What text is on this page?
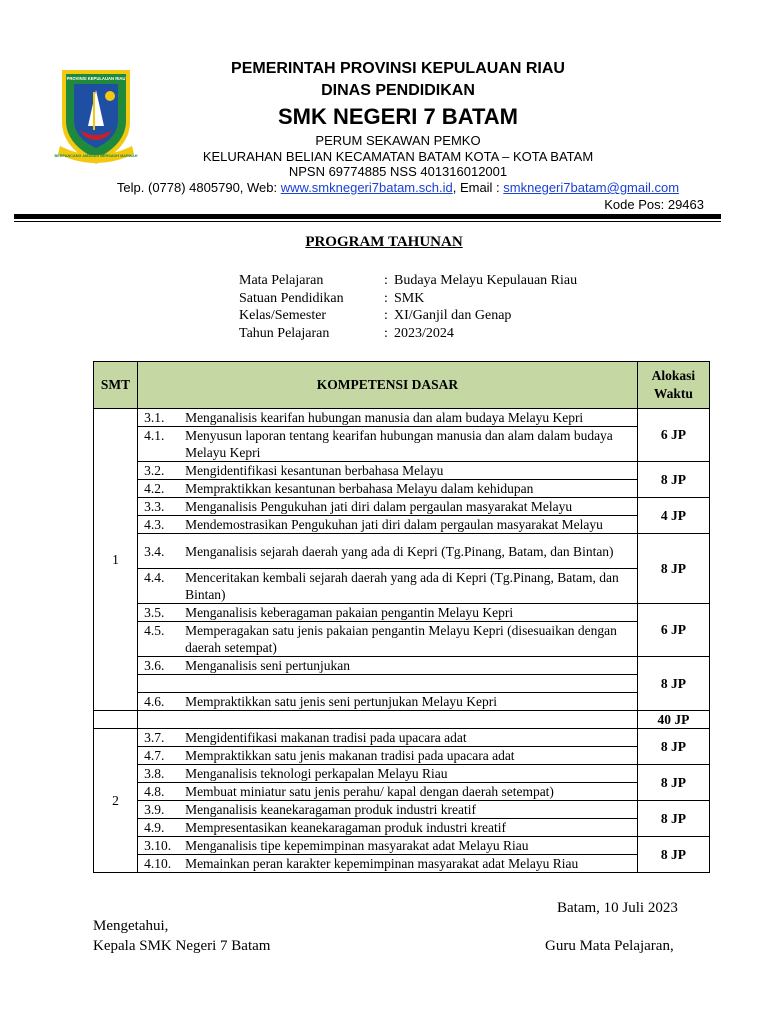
PROVINSI KEPULAUAN RIAU
BERPANCANG AMANAH BERSAUH MARWAH
PEMERINTAH PROVINSI KEPULAUAN RIAU
DINAS PENDIDIKAN
SMK NEGERI 7 BATAM
PERUM SEKAWAN PEMKO
KELURAHAN BELIAN KECAMATAN BATAM KOTA – KOTA BATAM
NPSN 69774885 NSS 401316012001
Telp. (0778) 4805790, Web: www.smknegeri7batam.sch.id, Email : smknegeri7batam@gmail.com
Kode Pos: 29463
PROGRAM TAHUNAN
Mata Pelajaran	: Budaya Melayu Kepulauan Riau
Satuan Pendidikan	: SMK
Kelas/Semester	: XI/Ganjil dan Genap
Tahun Pelajaran	: 2023/2024
SMT	KOMPETENSI DASAR	Alokasi Waktu
1	3.1. Menganalisis kearifan hubungan manusia dan alam budaya Melayu Kepri	6 JP

	4.1. Menyusun laporan tentang kearifan hubungan manusia dan alam dalam budaya Melayu Kepri	

	3.2. Mengidentifikasi kesantunan berbahasa Melayu	8 JP

	4.2. Mempraktikkan kesantunan berbahasa Melayu dalam kehidupan	

	3.3. Menganalisis Pengukuhan jati diri dalam pergaulan masyarakat Melayu	4 JP

	4.3. Mendemostrasikan Pengukuhan jati diri dalam pergaulan masyarakat Melayu	

	3.4. Menganalisis sejarah daerah yang ada di Kepri (Tg.Pinang, Batam, dan Bintan)	8 JP

	4.4. Menceritakan kembali sejarah daerah yang ada di Kepri (Tg.Pinang, Batam, dan Bintan)	

	3.5. Menganalisis keberagaman pakaian pengantin Melayu Kepri	6 JP

	4.5. Memperagakan satu jenis pakaian pengantin Melayu Kepri (disesuaikan dengan daerah setempat)	

	3.6. Menganalisis seni pertunjukan	8 JP

	4.6. Mempraktikkan satu jenis seni pertunjukan Melayu Kepri	

		40 JP
2	3.7. Mengidentifikasi makanan tradisi pada upacara adat	8 JP

	4.7. Mempraktikkan satu jenis makanan tradisi pada upacara adat	

	3.8. Menganalisis teknologi perkapalan Melayu Riau	8 JP

	4.8. Membuat miniatur satu jenis perahu/ kapal dengan daerah setempat)	

	3.9. Menganalisis keanekaragaman produk industri kreatif	8 JP

	4.9. Mempresentasikan keanekaragaman produk industri kreatif	

	3.10. Menganalisis tipe kepemimpinan masyarakat adat Melayu Riau	8 JP

	4.10. Memainkan peran karakter kepemimpinan masyarakat adat Melayu Riau	
Batam, 10 Juli 2023
Mengetahui,
Kepala SMK Negeri 7 Batam	Guru Mata Pelajaran,
